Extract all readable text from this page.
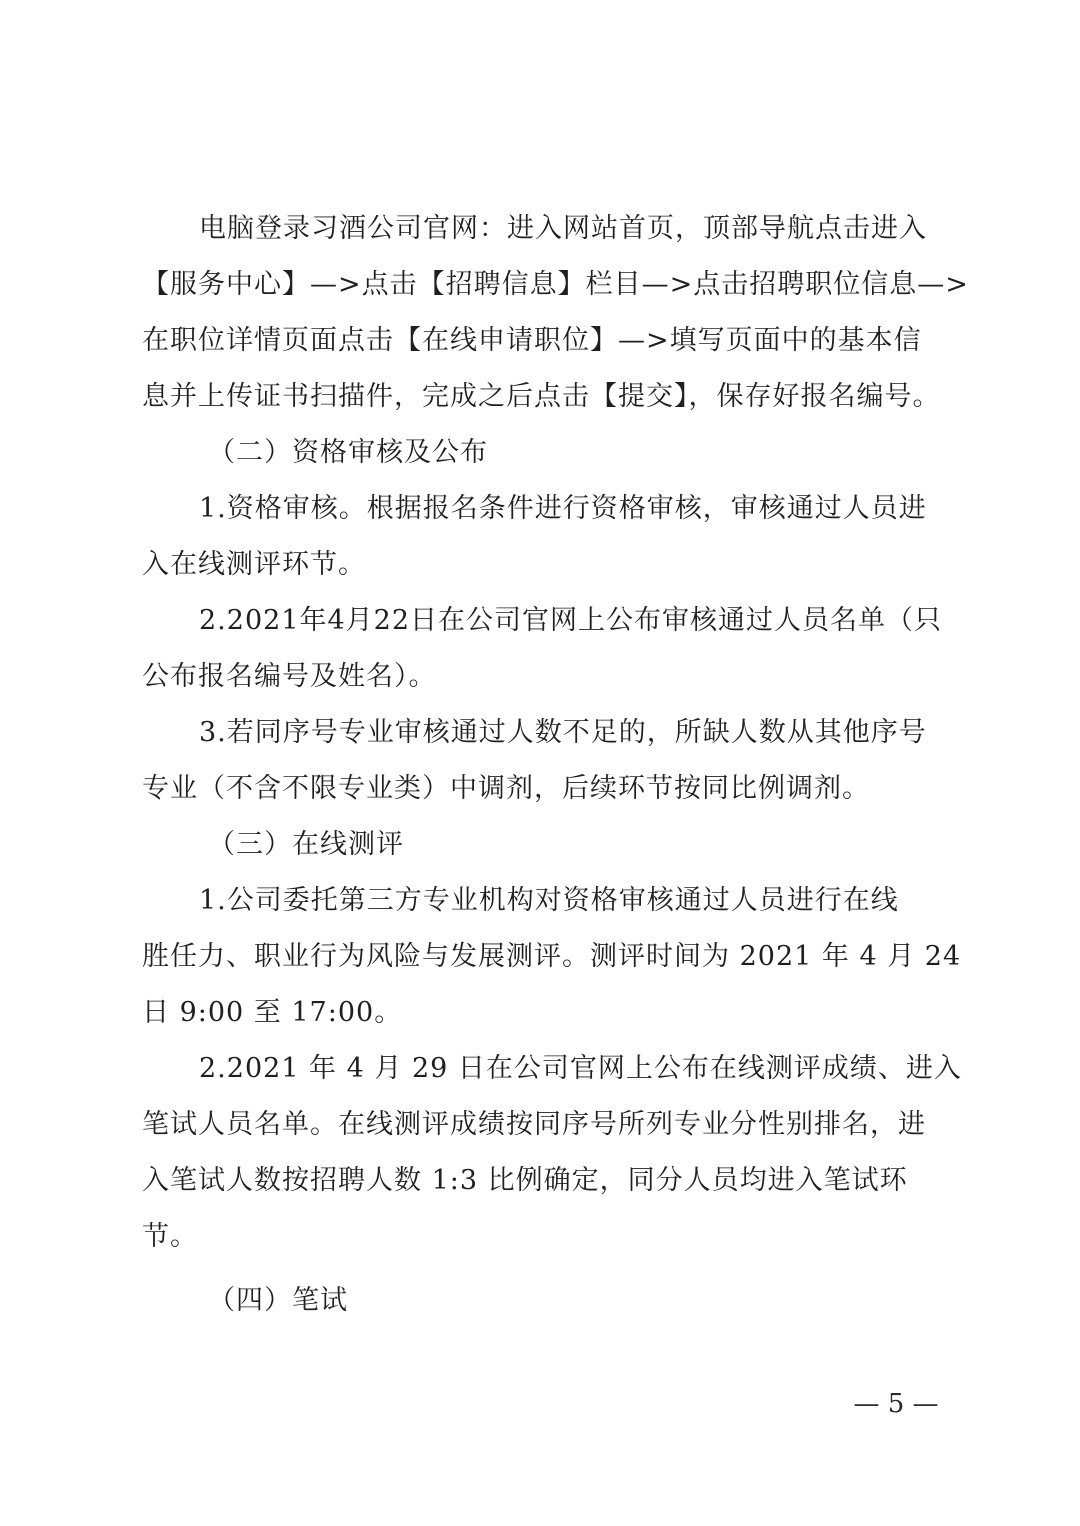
电脑登录习酒公司官网：进入网站首页，顶部导航点击进入
【服务中心】—>点击【招聘信息】栏目—>点击招聘职位信息—>
在职位详情页面点击【在线申请职位】—>填写页面中的基本信
息并上传证书扫描件，完成之后点击【提交】，保存好报名编号。
（二）资格审核及公布
1.资格审核。根据报名条件进行资格审核，审核通过人员进
入在线测评环节。
2.2021年4月22日在公司官网上公布审核通过人员名单（只
公布报名编号及姓名）。
3.若同序号专业审核通过人数不足的，所缺人数从其他序号
专业（不含不限专业类）中调剂，后续环节按同比例调剂。
（三）在线测评
1.公司委托第三方专业机构对资格审核通过人员进行在线
胜任力、职业行为风险与发展测评。测评时间为 2021 年 4 月 24
日 9:00 至 17:00。
2.2021 年 4 月 29 日在公司官网上公布在线测评成绩、进入
笔试人员名单。在线测评成绩按同序号所列专业分性别排名，进
入笔试人数按招聘人数 1:3 比例确定，同分人员均进入笔试环
节。
（四）笔试
— 5 —
